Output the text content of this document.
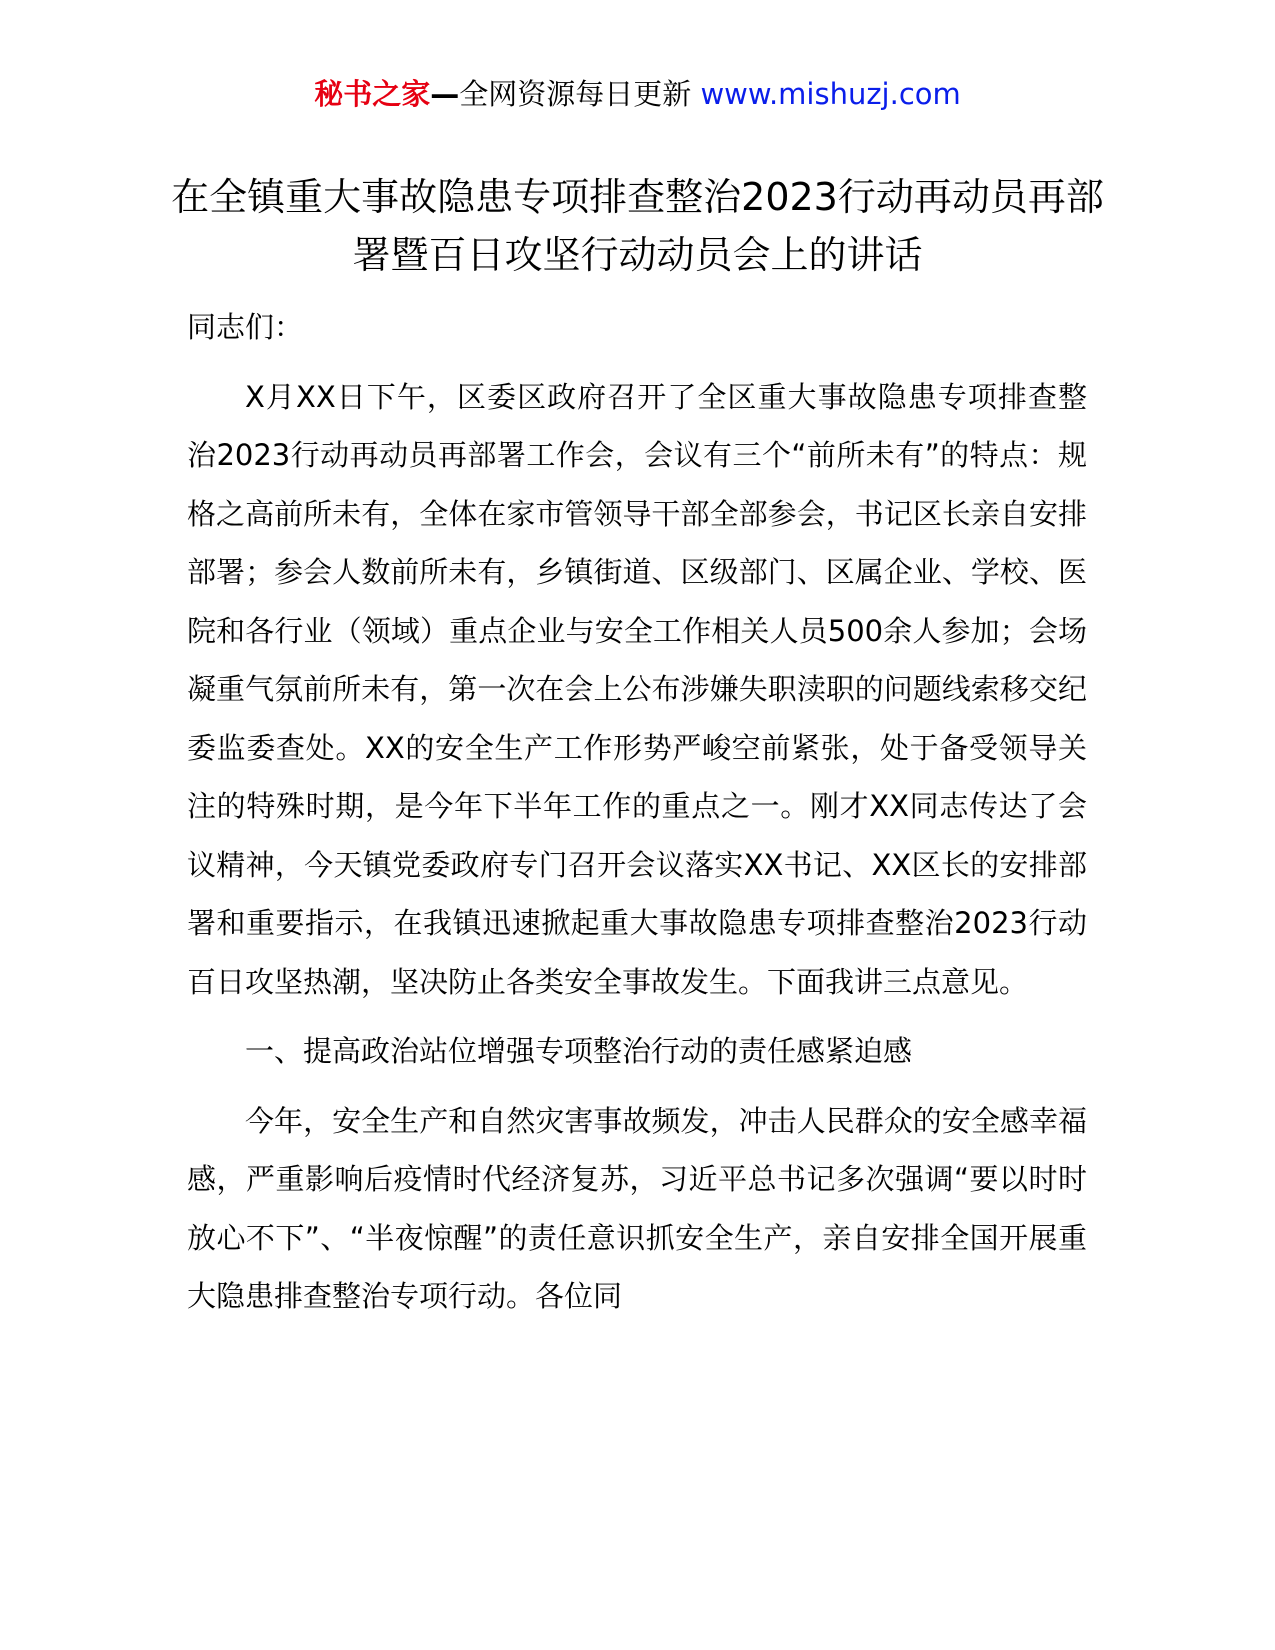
秘书之家—全网资源每日更新 www.mishuzj.com
在全镇重大事故隐患专项排查整治2023行动再动员再部署暨百日攻坚行动动员会上的讲话

同志们：

X月XX日下午，区委区政府召开了全区重大事故隐患专项排查整治2023行动再动员再部署工作会，会议有三个“前所未有”的特点：规格之高前所未有，全体在家市管领导干部全部参会，书记区长亲自安排部署；参会人数前所未有，乡镇街道、区级部门、区属企业、学校、医院和各行业（领域）重点企业与安全工作相关人员500余人参加；会场凝重气氛前所未有，第一次在会上公布涉嫌失职渎职的问题线索移交纪委监委查处。XX的安全生产工作形势严峻空前紧张，处于备受领导关注的特殊时期，是今年下半年工作的重点之一。刚才XX同志传达了会议精神，今天镇党委政府专门召开会议落实XX书记、XX区长的安排部署和重要指示，在我镇迅速掀起重大事故隐患专项排查整治2023行动百日攻坚热潮，坚决防止各类安全事故发生。下面我讲三点意见。

一、提高政治站位增强专项整治行动的责任感紧迫感

今年，安全生产和自然灾害事故频发，冲击人民群众的安全感幸福感，严重影响后疫情时代经济复苏，习近平总书记多次强调“要以时时放心不下”、“半夜惊醒”的责任意识抓安全生产，亲自安排全国开展重大隐患排查整治专项行动。各位同
